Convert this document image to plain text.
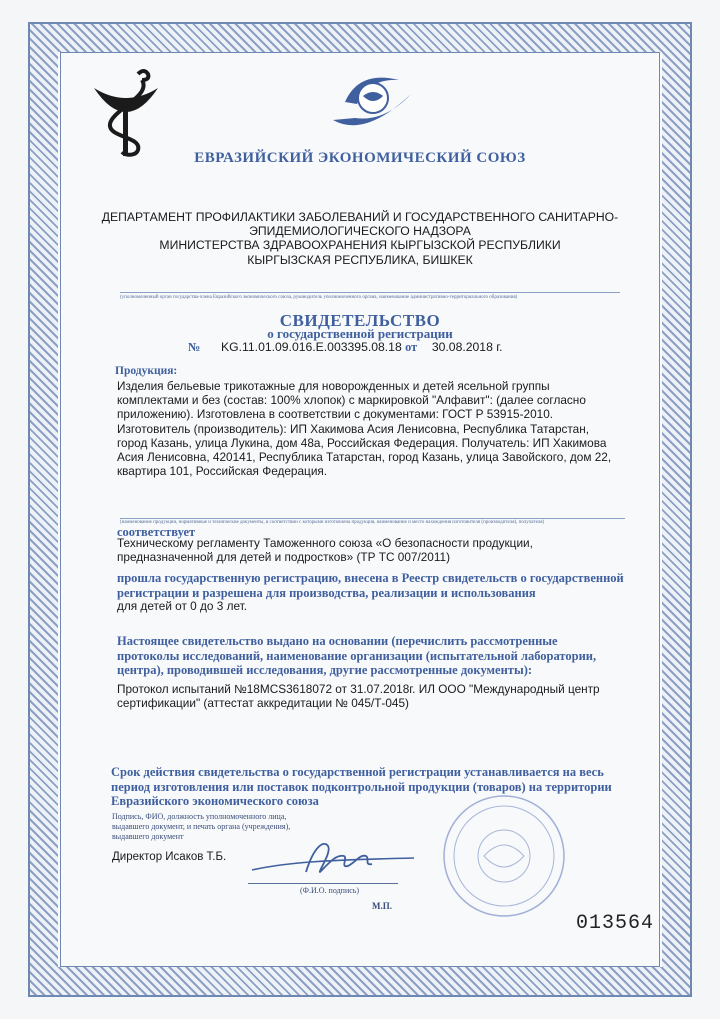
ЕВРАЗИЙСКИЙ ЭКОНОМИЧЕСКИЙ СОЮЗ
ДЕПАРТАМЕНТ ПРОФИЛАКТИКИ ЗАБОЛЕВАНИЙ И ГОСУДАРСТВЕННОГО САНИТАРНО-
ЭПИДЕМИОЛОГИЧЕСКОГО НАДЗОРА
МИНИСТЕРСТВА ЗДРАВООХРАНЕНИЯ КЫРГЫЗСКОЙ РЕСПУБЛИКИ
КЫРГЫЗСКАЯ РЕСПУБЛИКА, БИШКЕК
(уполномоченный орган государства-члена Евразийского экономического союза, руководитель уполномоченного органа, наименование административно-территориального образования)
СВИДЕТЕЛЬСТВО
о государственной регистрации
№ KG.11.01.09.016.E.003395.08.18 от 30.08.2018 г.
Продукция:
Изделия бельевые трикотажные для новорожденных и детей ясельной группы
комплектами и без (состав: 100% хлопок) с маркировкой "Алфавит": (далее согласно
приложению). Изготовлена в соответствии с документами: ГОСТ Р 53915-2010.
Изготовитель (производитель): ИП Хакимова Асия Ленисовна, Республика Татарстан,
город Казань, улица Лукина, дом 48а, Российская Федерация. Получатель: ИП Хакимова
Асия Ленисовна, 420141, Республика Татарстан, город Казань, улица Завойского, дом 22,
квартира 101, Российская Федерация.
(наименование продукции, нормативные и техническиe документы, в соответствии с которыми изготовлена продукция, наименование и место нахождения изготовителя (производителя), получателя)
соответствует
Техническому регламенту Таможенного союза «О безопасности продукции,
предназначенной для детей и подростков» (ТР ТС 007/2011)
прошла государственную регистрацию, внесена в Реестр свидетельств о государственной
регистрации и разрешена для производства, реализации и использования
для детей от 0 до 3 лет.
Настоящее свидетельство выдано на основании (перечислить рассмотренные
протоколы исследований, наименование организации (испытательной лаборатории,
центра), проводившей исследования, другие рассмотренные документы):
Протокол испытаний №18MCS3618072 от 31.07.2018г. ИЛ ООО "Международный центр
сертификации" (аттестат аккредитации № 045/Т-045)
Срок действия свидетельства о государственной регистрации устанавливается на весь
период изготовления или поставок подконтрольной продукции (товаров) на территории
Евразийского экономического союза
Подпись, ФИО, должность уполномоченного лица,
выдавшего документ, и печать органа (учреждения),
выдавшего документ
Директор Исаков Т.Б.
(Ф.И.О. подпись)
М.П.
013564
